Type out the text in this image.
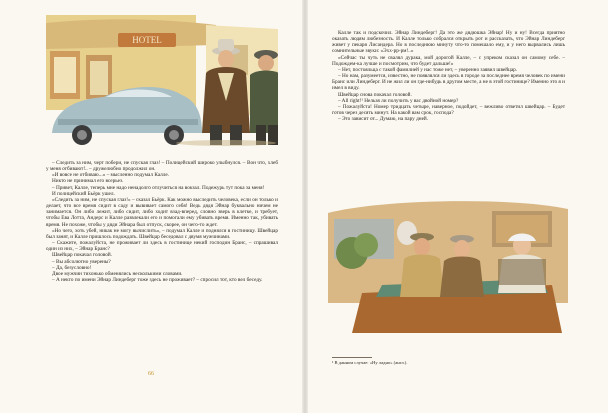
HOTEL

– Следить за ним, черт побери, не спуская глаз! – Полицейский широко улыбнулся. – Вон что, хлеб у меня отбивают!.. – дружелюбно продолжил он.

«И вовсе не отбиваю...» – мысленно подумал Калле.

Никто не принимал его всерьез.

– Привет, Калле, теперь мне надо ненадолго отлучиться на вокзал. Подежурь тут пока за меня!

И полицейский Бьёрк ушел.

«Следить за ним, не спуская глаз!» – сказал Бьёрк. Как можно выследить человека, если он только и делает, что все время сидит в саду и вывивает самого себя! Ведь дядя Эйнар буквально ничем не занимается. Он либо лежит, либо сидит, либо ходит взад-вперед, словно зверь в клетке, и требует, чтобы Ева Лотта, Андерс и Калле развлекали его и помогали ему убивать время. Именно так, убивать время. Не похоже, чтобы у дяди Эйнара был отпуск, скорее, он чего-то ждет.

«Но чего, хоть убей, никак не могу вычислить», – подумал Калле и поднялся в гостиницу. Швейцар был занят, и Калле пришлось подождать. Швейцар беседовал с двумя мужчинами.

– Скажите, пожалуйста, не проживает ли здесь в гостинице некий господин Бранс, – спрашивал один из них, – Эйнар Бранс?

Швейцар покачал головой.

– Вы абсолютно уверены?

– Да, безусловно!

Двое мужчин тихонько обменялись несколькими словами.

– А некто по имени Эйнар Линдеберг тоже здесь не проживает? – спросил тот, кто вел беседу.

66

Калле так и подскочил. Эйнар Линдеберг! Да это же дядюшка Эйнар! Ну и ну! Всегда приятно оказать людям любезность. И Калле только собрался открыть рот и рассказать, что Эйнар Линдеберг живет у пекаря Лисандера. Но в последнюю минуту что-то помешало ему, и у него вырвались лишь сомнительные звуки: «Эхх-рр-рм!..»

«Сейчас ты чуть не свалял дурака, мой дорогой Калле, – с упреком сказал он самому себе. – Подождем-ка лучше и посмотрим, что будет дальше!»

– Нет, постояльца с такой фамилией у нас тоже нет, – уверенно заявил швейцар.

– Но нам, разумеется, известно, не появлялся ли здесь в городе за последнее время человек по имени Бранс или Линдеберг. И не жил ли он где-нибудь в другом месте, а не в этой гостинице? Именно это я и имел в виду.

Швейцар снова покачал головой.

– All right!¹ Нельзя ли получить у вас двойной номер?

– Пожалуйста! Номер тридцать четыре, наверное, подойдет, – вежливо ответил швейцар. – Будет готов через десять минут. На какой вам срок, господа?

– Это зависит от... Думаю, на пару дней.

¹ В данном случае: «Ну ладно» (англ.).
